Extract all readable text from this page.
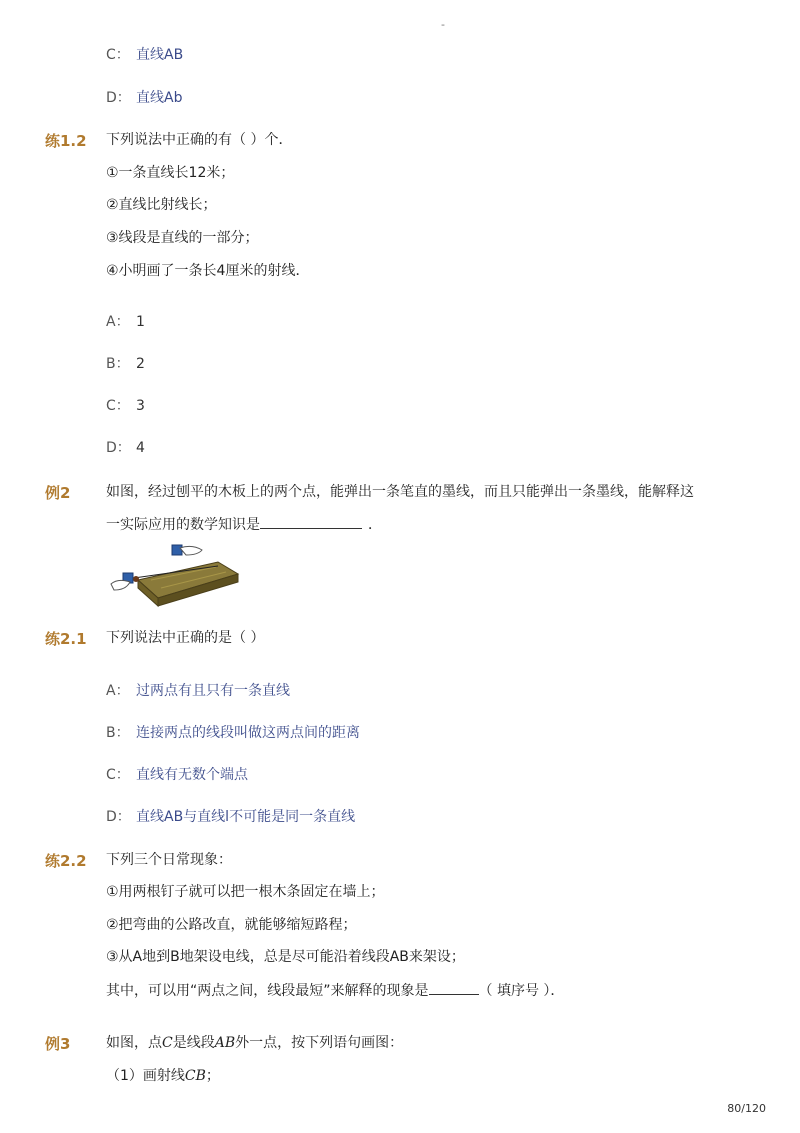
-
C： 直线AB
D： 直线Ab
练1.2 下列说法中正确的有（ ）个．
①一条直线长12米；
②直线比射线长；
③线段是直线的一部分；
④小明画了一条长4厘米的射线．
A： 1
B： 2
C： 3
D： 4
例2	如图，经过刨平的木板上的两个点，能弹出一条笔直的墨线，而且只能弹出一条墨线，能解释这
一实际应用的数学知识是	．
练2.1 下列说法中正确的是（ ）
A： 过两点有且只有一条直线
B： 连接两点的线段叫做这两点间的距离
C： 直线有无数个端点
D： 直线AB与直线l不可能是同一条直线
练2.2 下列三个日常现象：
①用两根钉子就可以把一根木条固定在墙上；
②把弯曲的公路改直，就能够缩短路程；
③从A地到B地架设电线，总是尽可能沿着线段AB来架设；
其中，可以用“两点之间，线段最短”来解释的现象是	（ 填序号 ）．
例3	如图，点C是线段AB外一点，按下列语句画图：
（1）画射线CB；
80/120
